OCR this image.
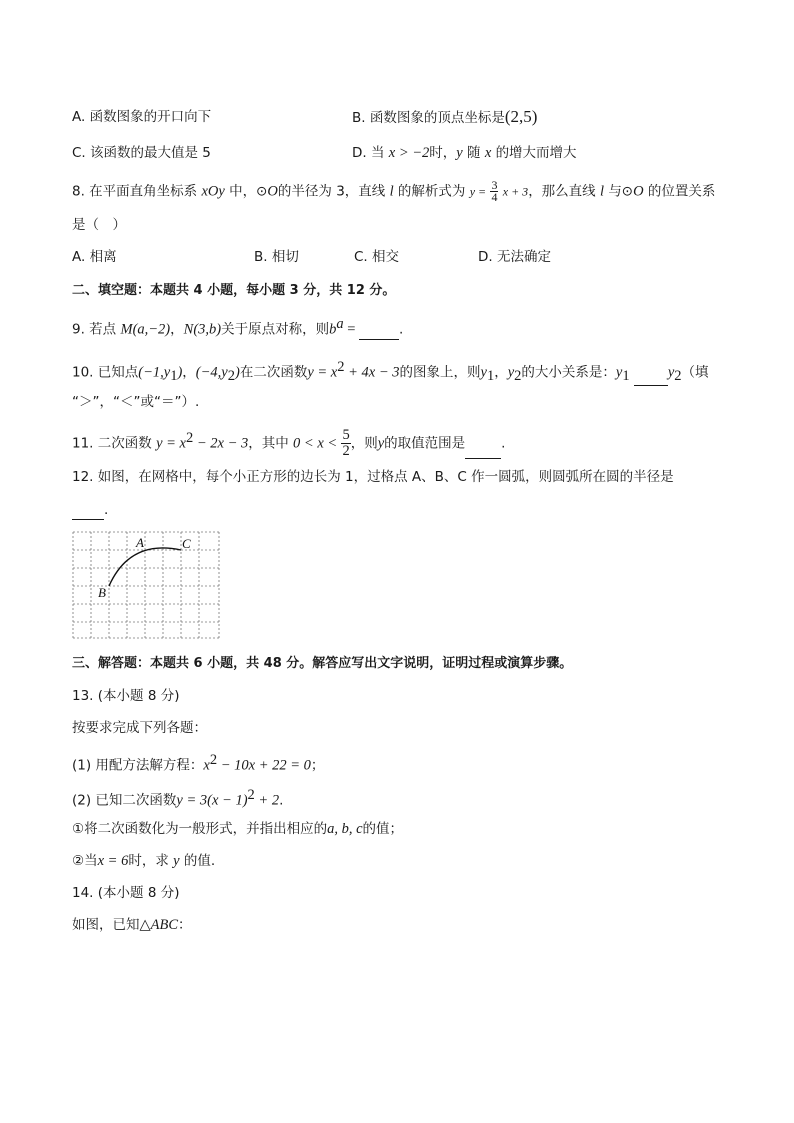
A. 函数图象的开口向下	B. 函数图象的顶点坐标是(2,5)
C. 该函数的最大值是 5	D. 当 x > −2时，y 随 x 的增大而增大
8. 在平面直角坐标系 xOy 中，⊙O的半径为 3，直线 l 的解析式为 $y = \frac{3}{4}$ x + 3，那么直线 l 与⊙O 的位置关系
是（　）
A. 相离	B. 相切	C. 相交	D. 无法确定
二、填空题：本题共 4 小题，每小题 3 分，共 12 分。
9. 若点 M(a,−2)，N(3,b)关于原点对称，则$b^a$ =	.
10. 已知点$(-1,y_1)$，$(-4,y_2)$在二次函数$y = x^2 + 4x - 3$的图象上，则$y_1$，$y_2$的大小关系是：$y_1$	$y_2$（填
“＞”，“＜”或“＝”）.
11. 二次函数 $y = x^2 - 2x - 3$，其中 $0 < x < \frac{5}{2}$ ，则y的取值范围是	.
12. 如图，在网格中，每个小正方形的边长为 1，过格点 A、B、C 作一圆弧，则圆弧所在圆的半径是
.
A	C
B
三、解答题：本题共 6 小题，共 48 分。解答应写出文字说明，证明过程或演算步骤。
13. (本小题 8 分)
按要求完成下列各题：
(1) 用配方法解方程：$x^2 - 10x + 22 = 0$；
(2) 已知二次函数$y = 3(x - 1)^2 + 2$.
①将二次函数化为一般形式，并指出相应的a, b, c的值；
②当x = 6时，求 y 的值.
14. (本小题 8 分)
如图，已知△ABC：
